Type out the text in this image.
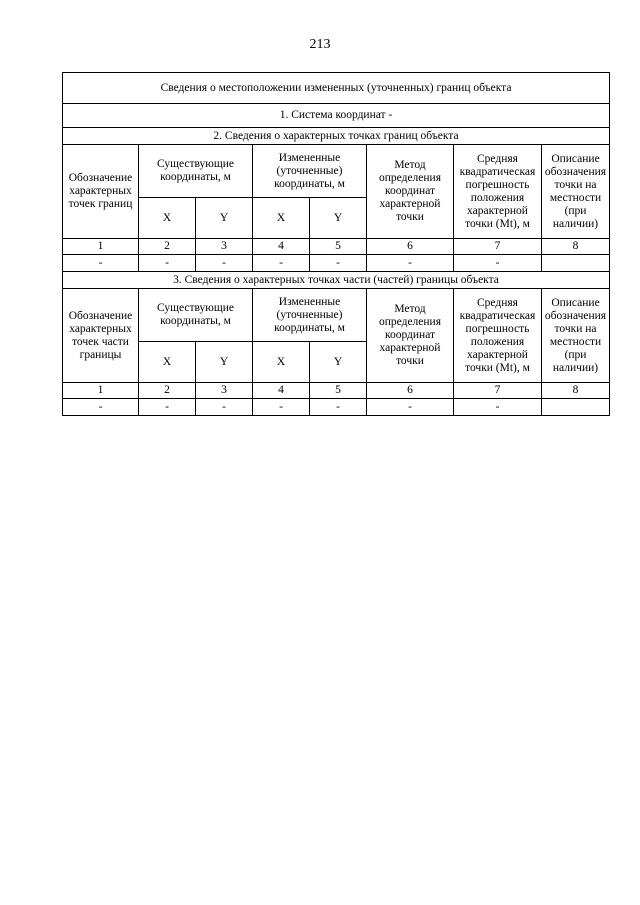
213
Сведения о местоположении измененных (уточненных) границ объекта							
1. Система координат -							
2. Сведения о характерных точках границ объекта							
Обозначение характерных точек границ	Существующие координаты, м		Измененные (уточненные) координаты, м		Метод определения координат характерной точки	Средняя квадратическая погрешность положения характерной точки (Mt), м	Описание обозначения точки на местности (при наличии)
	X	Y	X	Y			
1	2	3	4	5	6	7	8
-	-	-	-	-	-	-	
3. Сведения о характерных точках части (частей) границы объекта							
Обозначение характерных точек части границы	Существующие координаты, м		Измененные (уточненные) координаты, м		Метод определения координат характерной точки	Средняя квадратическая погрешность положения характерной точки (Mt), м	Описание обозначения точки на местности (при наличии)
	X	Y	X	Y			
1	2	3	4	5	6	7	8
-	-	-	-	-	-	-	
